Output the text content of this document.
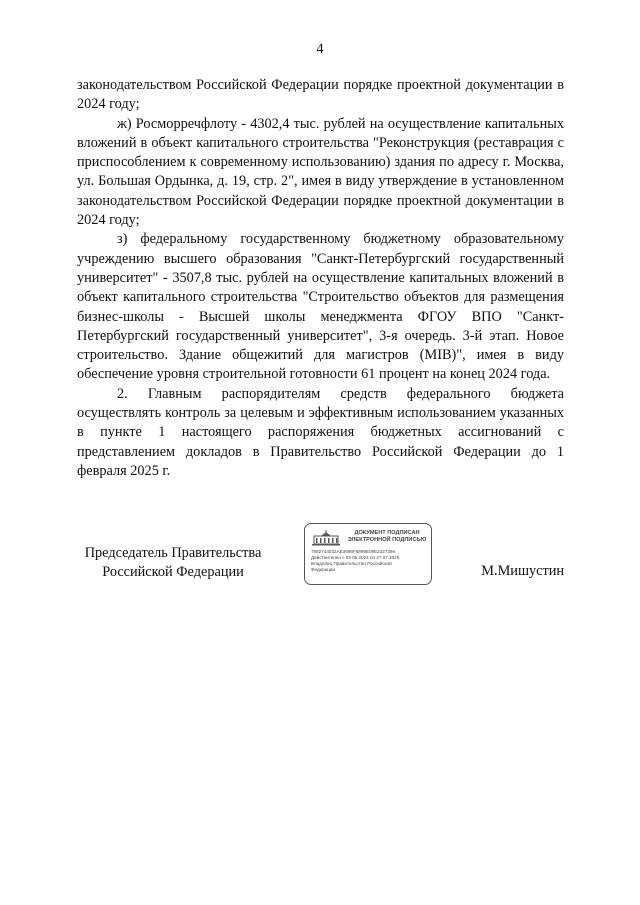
4

законодательством Российской Федерации порядке проектной документации в 2024 году;

ж) Росморречфлоту - 4302,4 тыс. рублей на осуществление капитальных вложений в объект капитального строительства "Реконструкция (реставрация с приспособлением к современному использованию) здания по адресу г. Москва, ул. Большая Ордынка, д. 19, стр. 2", имея в виду утверждение в установленном законодательством Российской Федерации порядке проектной документации в 2024 году;

з) федеральному государственному бюджетному образовательному учреждению высшего образования "Санкт-Петербургский государственный университет" - 3507,8 тыс. рублей на осуществление капитальных вложений в объект капитального строительства "Строительство объектов для размещения бизнес-школы - Высшей школы менеджмента ФГОУ ВПО "Санкт-Петербургский государственный университет", 3-я очередь. 3-й этап. Новое строительство. Здание общежитий для магистров (MIB)", имея в виду обеспечение уровня строительной готовности 61 процент на конец 2024 года.

2. Главным распорядителям средств федерального бюджета осуществлять контроль за целевым и эффективным использованием указанных в пункте 1 настоящего распоряжения бюджетных ассигнований с представлением докладов в Правительство Российской Федерации до 1 февраля 2025 г.

Председатель Правительства
Российской Федерации
ДОКУМЕНТ ПОДПИСАН
ЭЛЕКТРОННОЙ ПОДПИСЬЮ
7882744032AE3696F6899E08E2327396
Действителен с 03.05.2024 по 27.07.2025
Владелец Правительство Российской
Федерации	М.Мишустин
